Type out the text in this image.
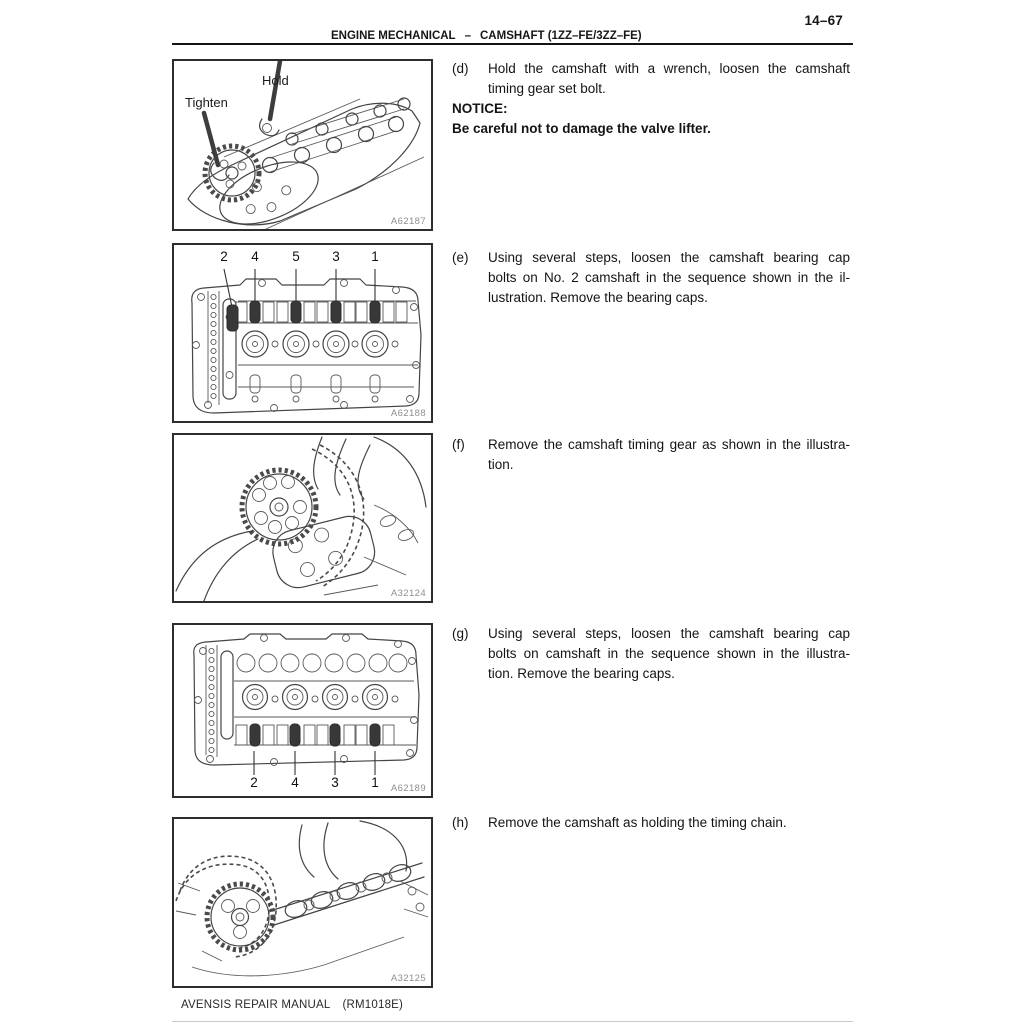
14–67
ENGINE MECHANICAL – CAMSHAFT (1ZZ–FE/3ZZ–FE)
Hold
Tighten
A62187
2 4 5 3 1
A62188
A32124
2 4 3 1 A62189
A32125
(d)	Hold the camshaft with a wrench, loosen the camshaft
timing gear set bolt.
NOTICE:
Be careful not to damage the valve lifter.
(e)	Using several steps, loosen the camshaft bearing cap
bolts on No. 2 camshaft in the sequence shown in the il-
lustration. Remove the bearing caps.
(f)	Remove the camshaft timing gear as shown in the illustra-
tion.
(g)	Using several steps, loosen the camshaft bearing cap
bolts on camshaft in the sequence shown in the illustra-
tion. Remove the bearing caps.
(h)	Remove the camshaft as holding the timing chain.
AVENSIS REPAIR MANUAL (RM1018E)
